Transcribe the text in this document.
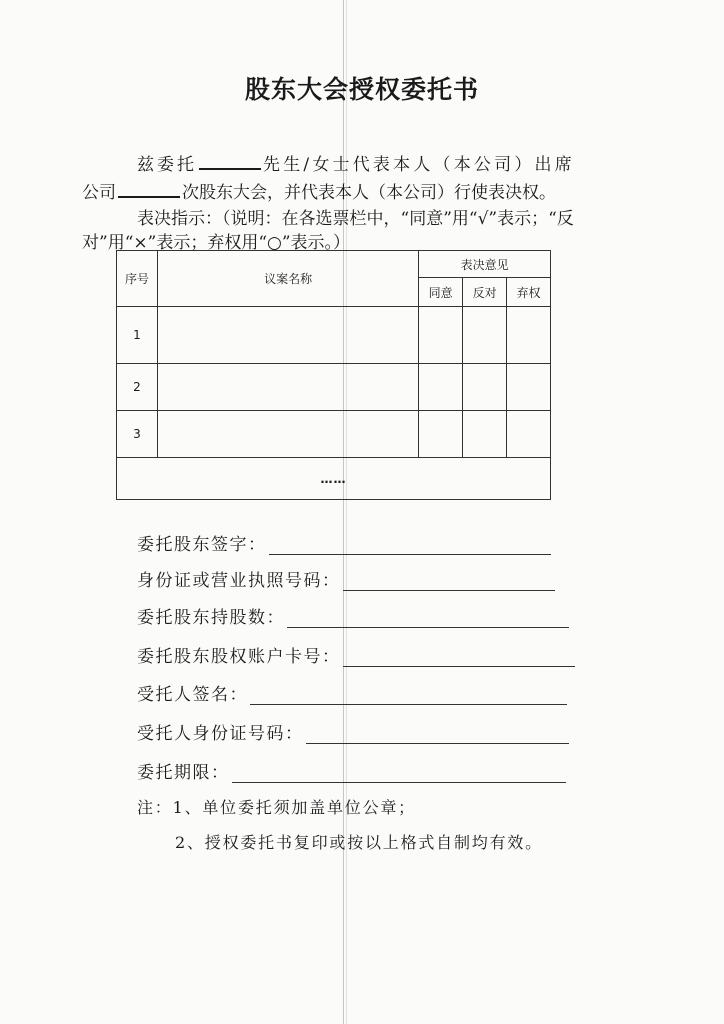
股东大会授权委托书
兹委托	先生/女士代表本人（本公司）出席
公司	次股东大会，并代表本人（本公司）行使表决权。
表决指示：（说明：在各选票栏中，“同意”用“√”表示；“反
对”用“×”表示；弃权用“○”表示。）
序号	议案名称	表决意见		
		同意	反对	弃权
1				
2				
3				
……				
委托股东签字：
身份证或营业执照号码：
委托股东持股数：
委托股东股权账户卡号：
受托人签名：
受托人身份证号码：
委托期限：
注：1、单位委托须加盖单位公章；
2、授权委托书复印或按以上格式自制均有效。
